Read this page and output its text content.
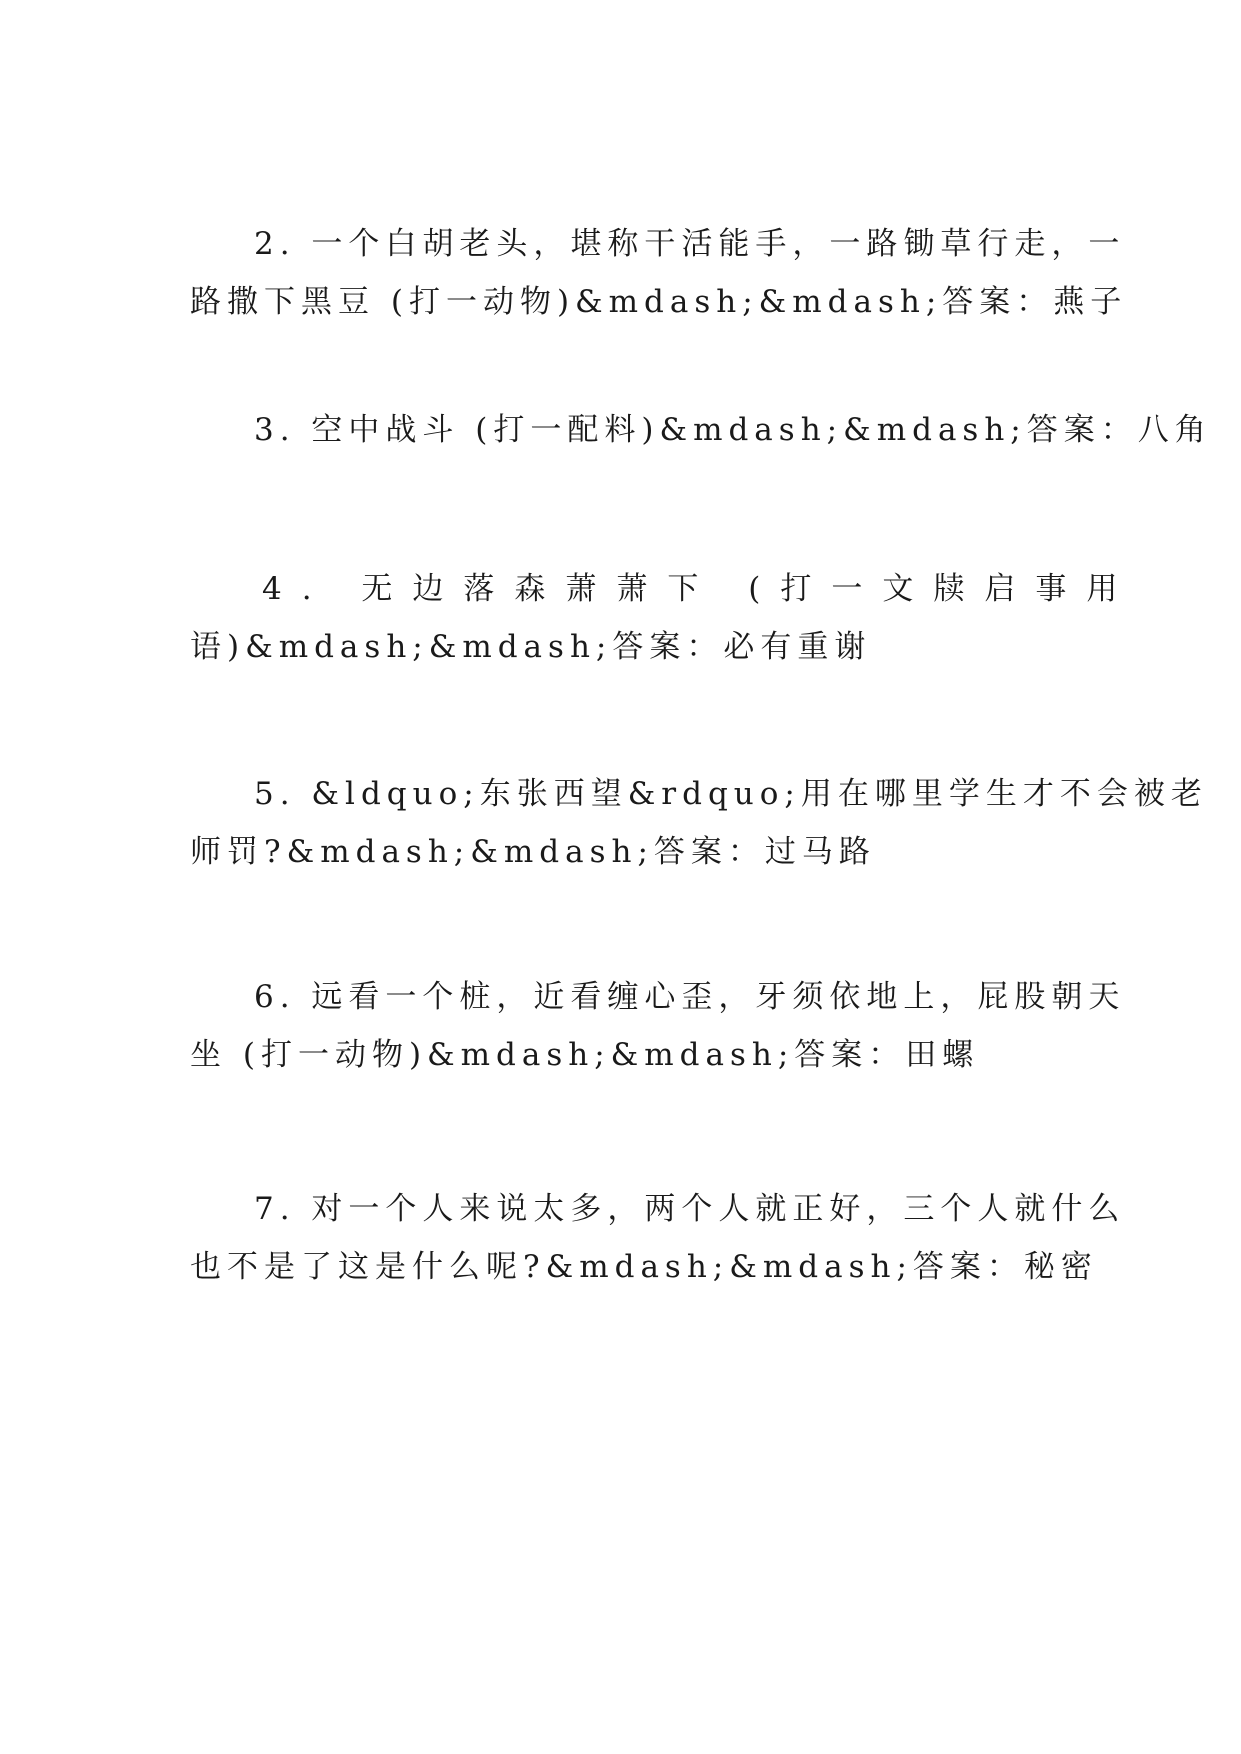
2. 一个白胡老头，堪称干活能手，一路锄草行走，一
路撒下黑豆 (打一动物)&mdash;&mdash;答案：燕子
3. 空中战斗 (打一配料)&mdash;&mdash;答案：八角
4. 无边落森萧萧下 (打一文牍启事用
语)&mdash;&mdash;答案：必有重谢
5. &ldquo;东张西望&rdquo;用在哪里学生才不会被老
师罚?&mdash;&mdash;答案：过马路
6. 远看一个桩，近看缠心歪，牙须依地上，屁股朝天
坐 (打一动物)&mdash;&mdash;答案：田螺
7. 对一个人来说太多，两个人就正好，三个人就什么
也不是了这是什么呢?&mdash;&mdash;答案：秘密
